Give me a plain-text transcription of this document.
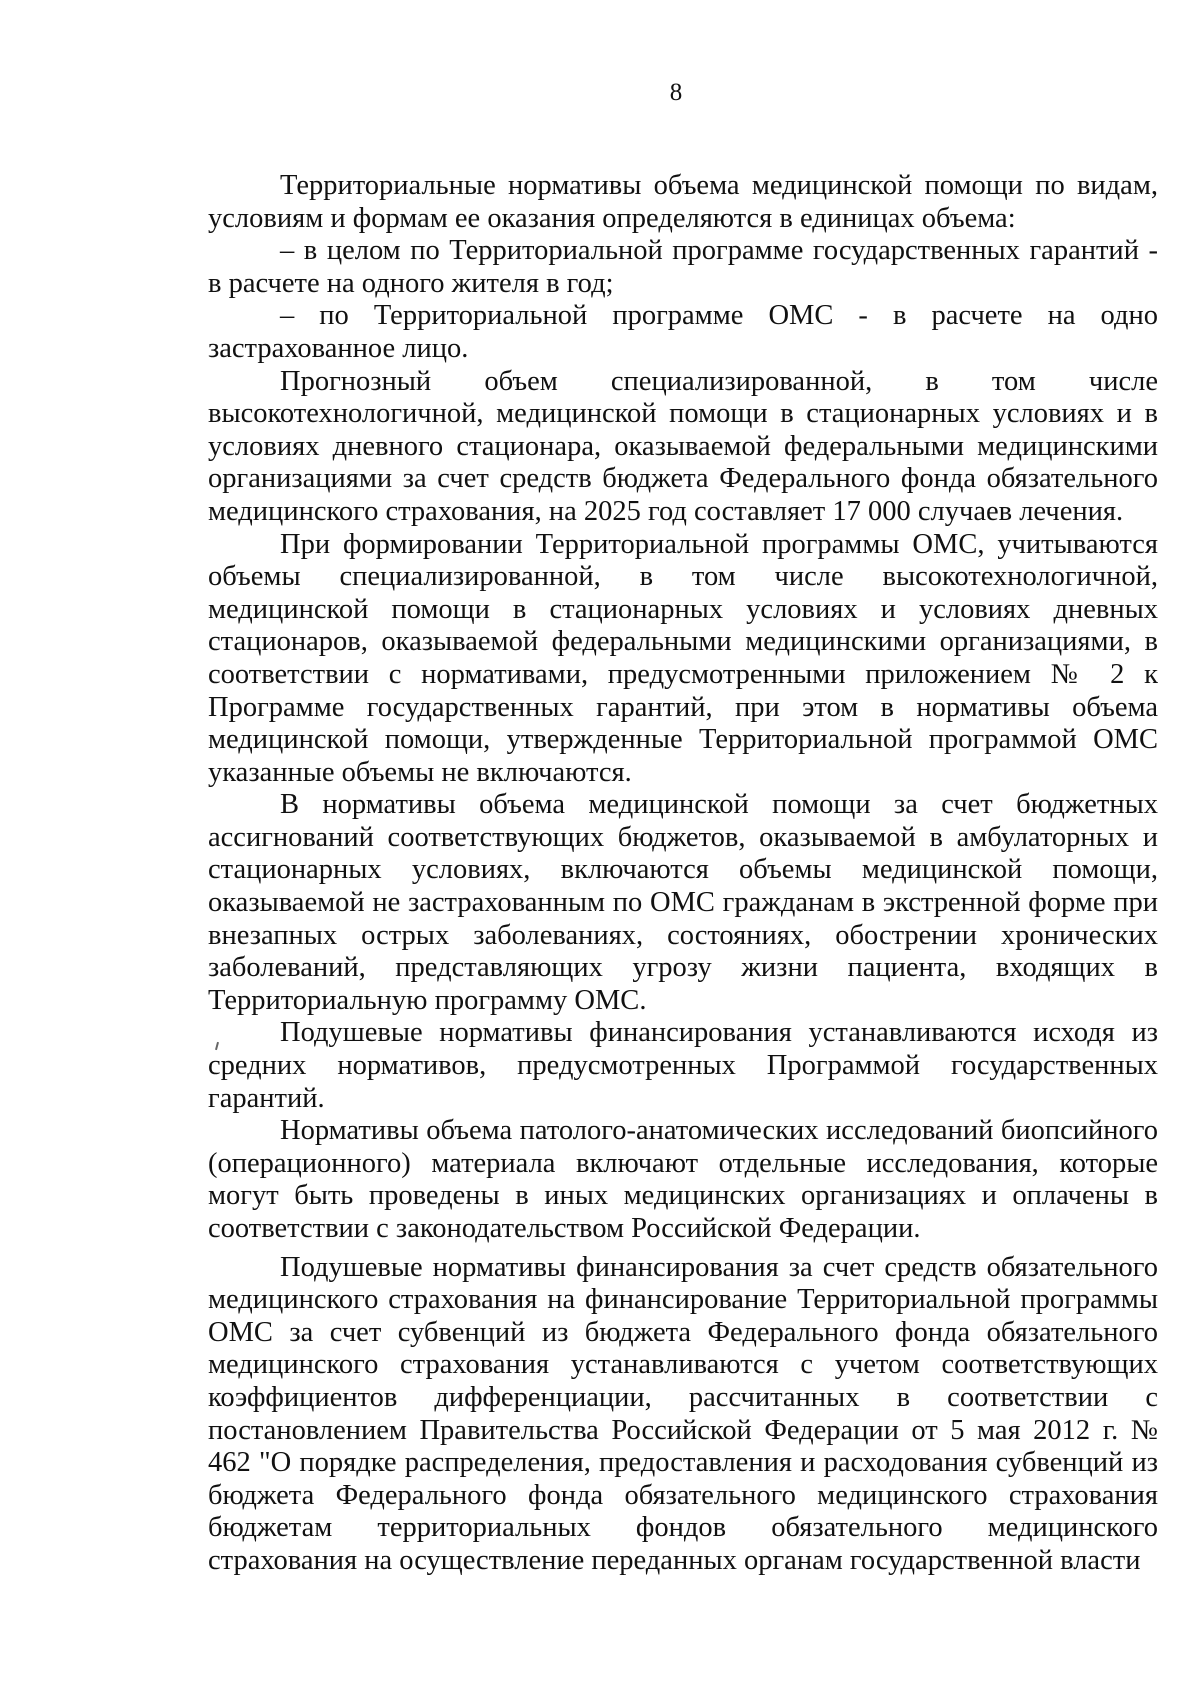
8

Территориальные нормативы объема медицинской помощи по видам, условиям и формам ее оказания определяются в единицах объема:

– в целом по Территориальной программе государственных гарантий - в расчете на одного жителя в год;

– по Территориальной программе ОМС - в расчете на одно застрахованное лицо.

Прогнозный объем специализированной, в том числе высокотехнологичной, медицинской помощи в стационарных условиях и в условиях дневного стационара, оказываемой федеральными медицинскими организациями за счет средств бюджета Федерального фонда обязательного медицинского страхования, на 2025 год составляет 17 000 случаев лечения.

При формировании Территориальной программы ОМС, учитываются объемы специализированной, в том числе высокотехнологичной, медицинской помощи в стационарных условиях и условиях дневных стационаров, оказываемой федеральными медицинскими организациями, в соответствии с нормативами, предусмотренными приложением № 2 к Программе государственных гарантий, при этом в нормативы объема медицинской помощи, утвержденные Территориальной программой ОМС указанные объемы не включаются.

В нормативы объема медицинской помощи за счет бюджетных ассигнований соответствующих бюджетов, оказываемой в амбулаторных и стационарных условиях, включаются объемы медицинской помощи, оказываемой не застрахованным по ОМС гражданам в экстренной форме при внезапных острых заболеваниях, состояниях, обострении хронических заболеваний, представляющих угрозу жизни пациента, входящих в Территориальную программу ОМС.

Подушевые нормативы финансирования устанавливаются исходя из средних нормативов, предусмотренных Программой государственных гарантий.

Нормативы объема патолого-анатомических исследований биопсийного (операционного) материала включают отдельные исследования, которые могут быть проведены в иных медицинских организациях и оплачены в соответствии с законодательством Российской Федерации.

Подушевые нормативы финансирования за счет средств обязательного медицинского страхования на финансирование Территориальной программы ОМС за счет субвенций из бюджета Федерального фонда обязательного медицинского страхования устанавливаются с учетом соответствующих коэффициентов дифференциации, рассчитанных в соответствии с постановлением Правительства Российской Федерации от 5 мая 2012 г. № 462 "О порядке распределения, предоставления и расходования субвенций из бюджета Федерального фонда обязательного медицинского страхования бюджетам территориальных фондов обязательного медицинского страхования на осуществление переданных органам государственной власти
